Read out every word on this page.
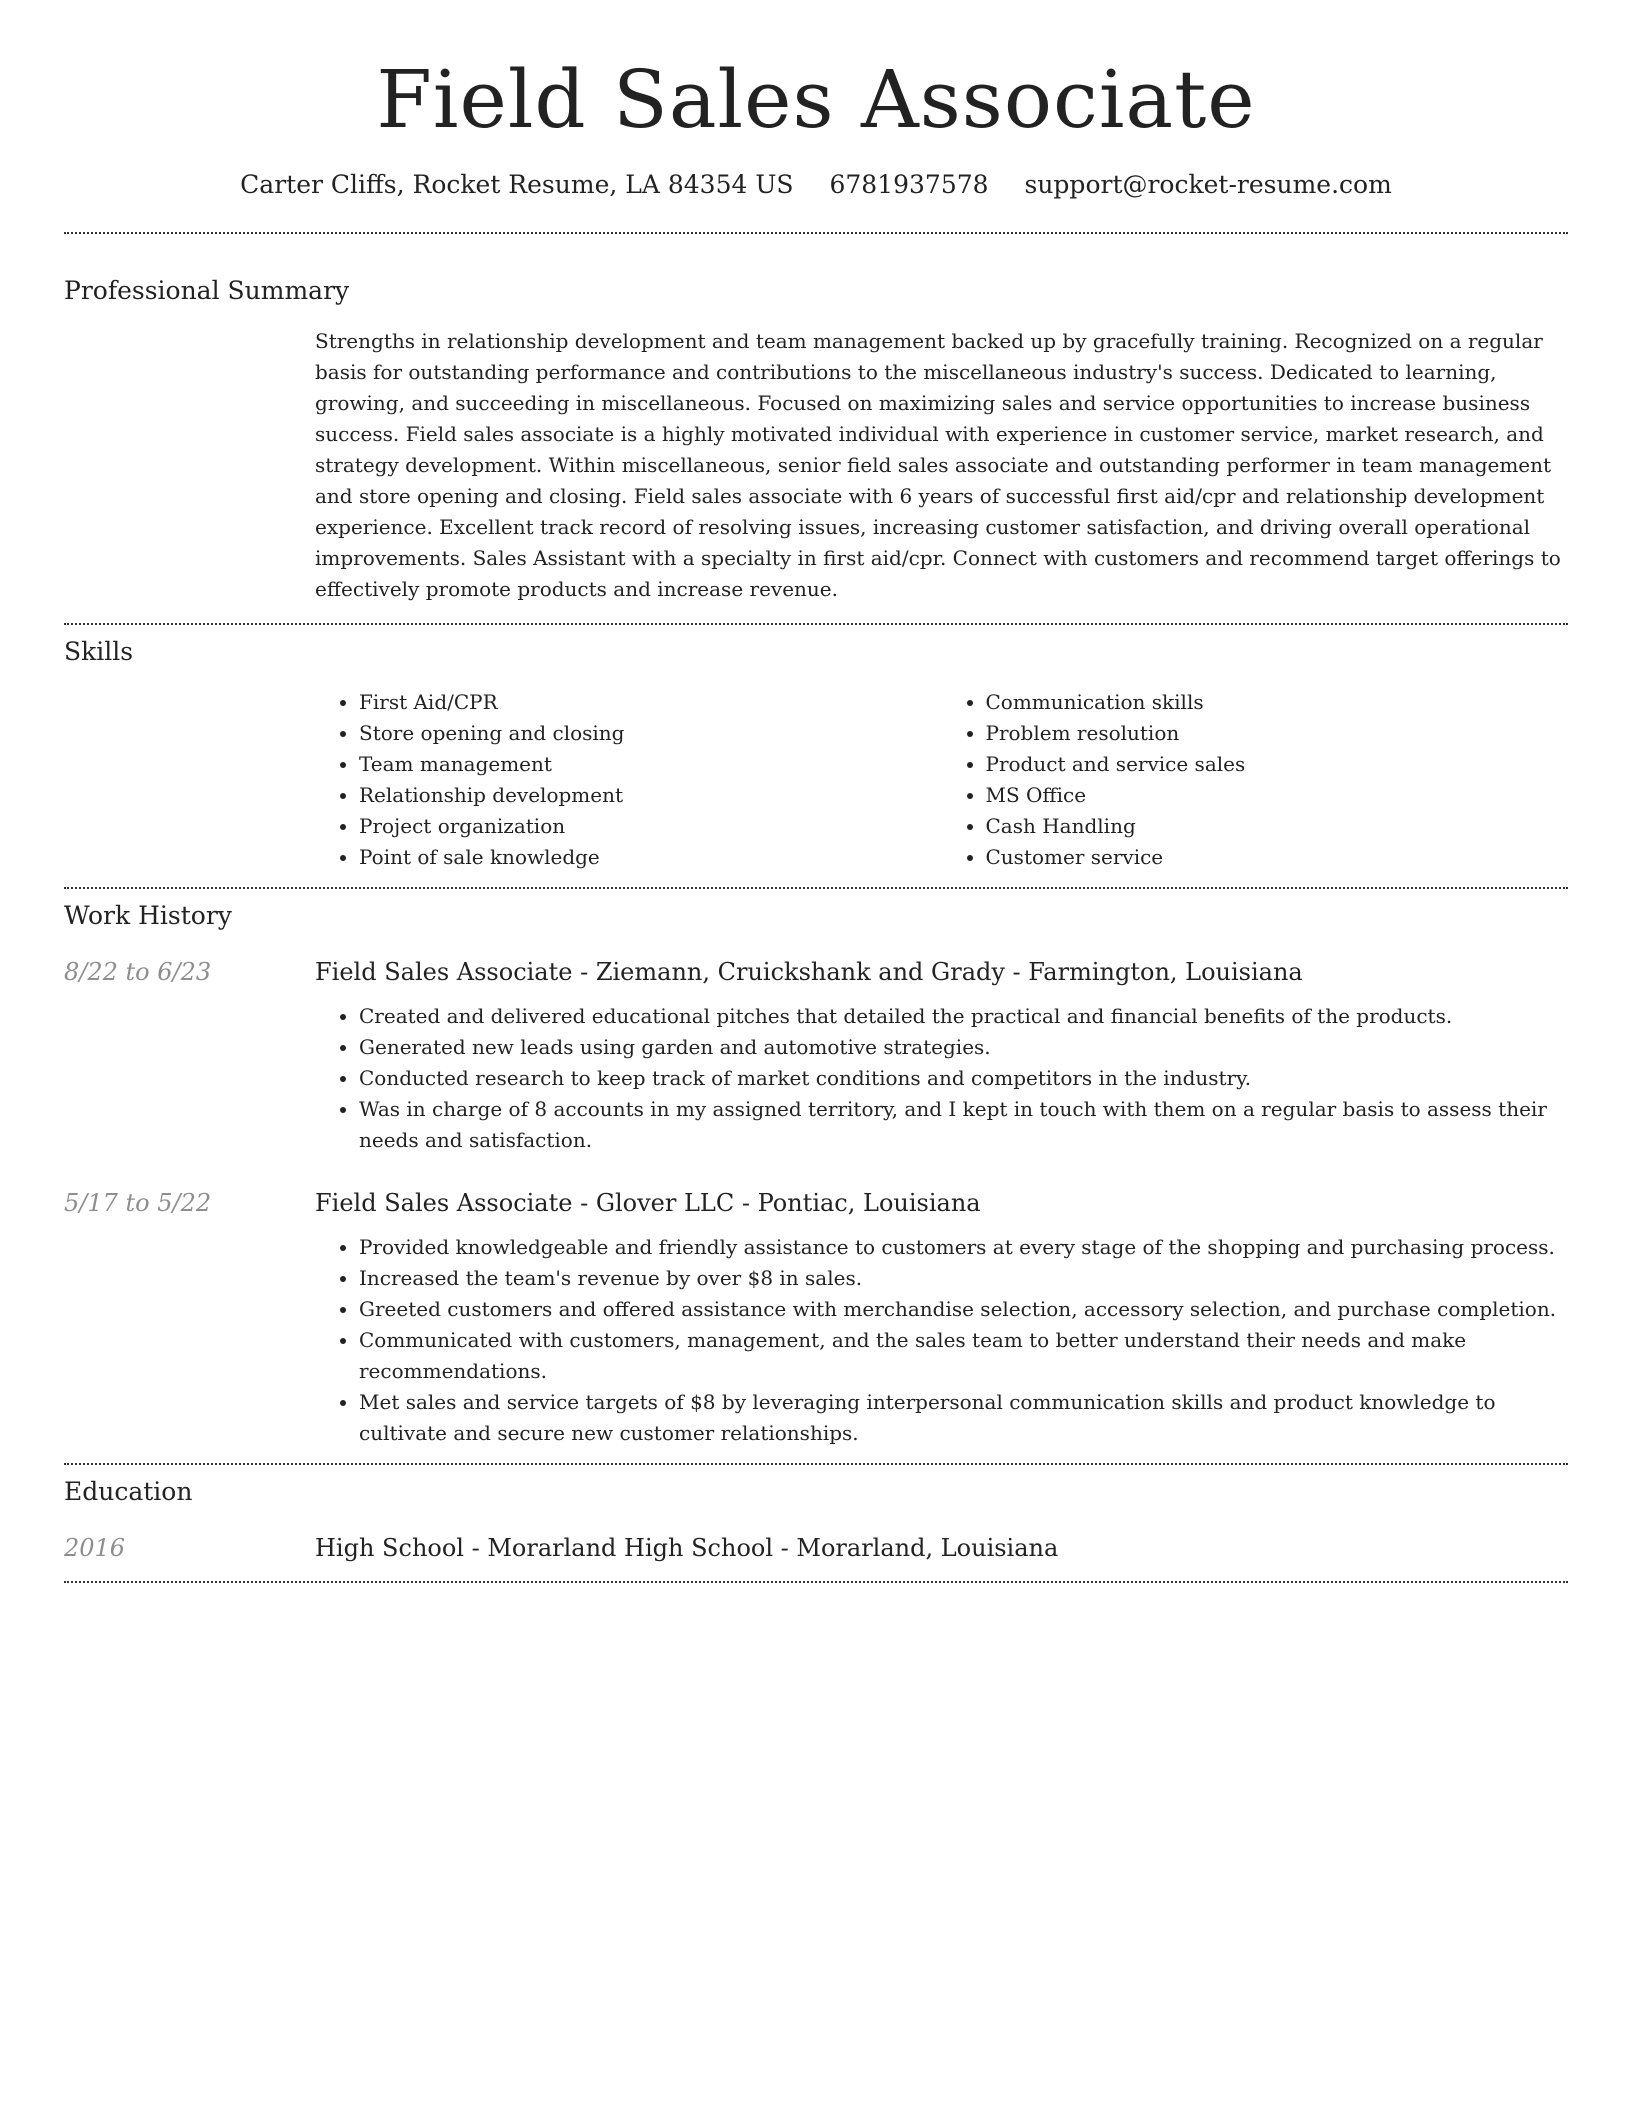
Field Sales Associate
Carter Cliffs, Rocket Resume, LA 84354 US 6781937578 support@rocket-resume.com
Professional Summary
Strengths in relationship development and team management backed up by gracefully training. Recognized on a regular basis for outstanding performance and contributions to the miscellaneous industry's success. Dedicated to learning, growing, and succeeding in miscellaneous. Focused on maximizing sales and service opportunities to increase business success. Field sales associate is a highly motivated individual with experience in customer service, market research, and strategy development. Within miscellaneous, senior field sales associate and outstanding performer in team management and store opening and closing. Field sales associate with 6 years of successful first aid/cpr and relationship development experience. Excellent track record of resolving issues, increasing customer satisfaction, and driving overall operational improvements. Sales Assistant with a specialty in first aid/cpr. Connect with customers and recommend target offerings to effectively promote products and increase revenue.
Skills
• First Aid/CPR
• Store opening and closing
• Team management
• Relationship development
• Project organization
• Point of sale knowledge
• Communication skills
• Problem resolution
• Product and service sales
• MS Office
• Cash Handling
• Customer service
Work History
8/22 to 6/23	Field Sales Associate - Ziemann, Cruickshank and Grady - Farmington, Louisiana
• Created and delivered educational pitches that detailed the practical and financial benefits of the products.
• Generated new leads using garden and automotive strategies.
• Conducted research to keep track of market conditions and competitors in the industry.
• Was in charge of 8 accounts in my assigned territory, and I kept in touch with them on a regular basis to assess their needs and satisfaction.
5/17 to 5/22	Field Sales Associate - Glover LLC - Pontiac, Louisiana
• Provided knowledgeable and friendly assistance to customers at every stage of the shopping and purchasing process.
• Increased the team's revenue by over $8 in sales.
• Greeted customers and offered assistance with merchandise selection, accessory selection, and purchase completion.
• Communicated with customers, management, and the sales team to better understand their needs and make recommendations.
• Met sales and service targets of $8 by leveraging interpersonal communication skills and product knowledge to cultivate and secure new customer relationships.
Education
2016	High School - Morarland High School - Morarland, Louisiana
